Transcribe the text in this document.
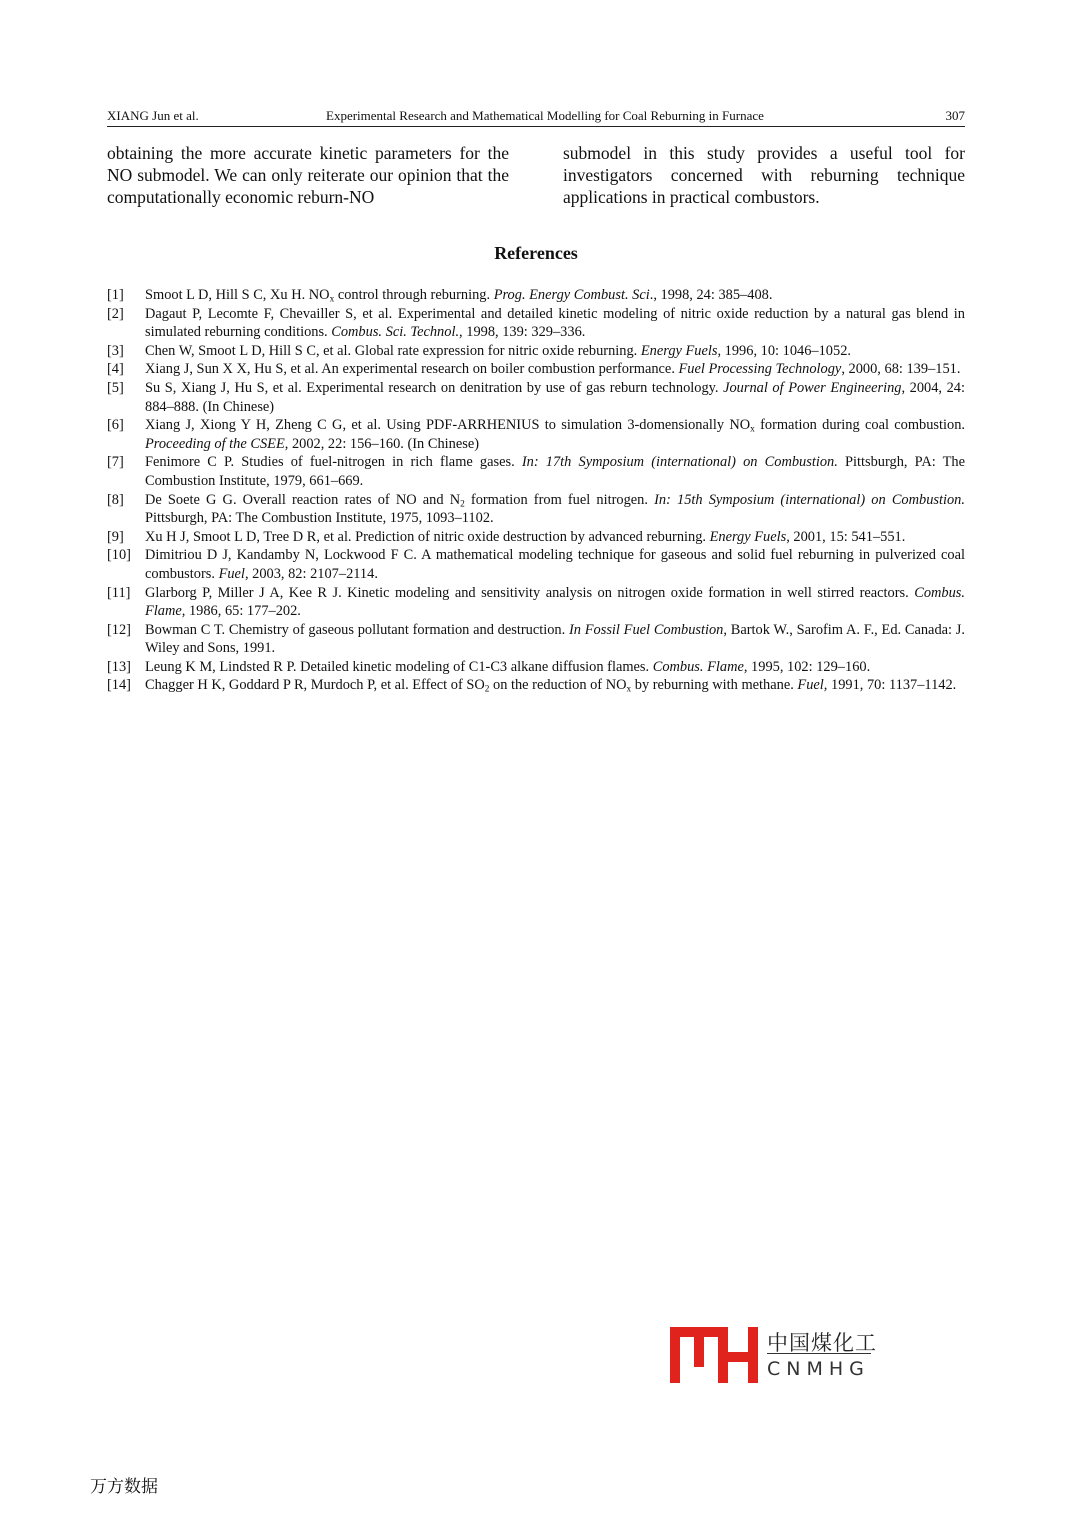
XIANG Jun et al.	Experimental Research and Mathematical Modelling for Coal Reburning in Furnace	307
obtaining the more accurate kinetic parameters for the NO submodel. We can only reiterate our opinion that the computationally economic reburn-NO
submodel in this study provides a useful tool for investigators concerned with reburning technique applications in practical combustors.
References
[1] Smoot L D, Hill S C, Xu H. $NO_x$ control through reburning. Prog. Energy Combust. Sci., 1998, 24: 385–408.
[2] Dagaut P, Lecomte F, Chevailler S, et al. Experimental and detailed kinetic modeling of nitric oxide reduction by a natural gas blend in simulated reburning conditions. Combus. Sci. Technol., 1998, 139: 329–336.
[3] Chen W, Smoot L D, Hill S C, et al. Global rate expression for nitric oxide reburning. Energy Fuels, 1996, 10: 1046–1052.
[4] Xiang J, Sun X X, Hu S, et al. An experimental research on boiler combustion performance. Fuel Processing Technology, 2000, 68: 139–151.
[5] Su S, Xiang J, Hu S, et al. Experimental research on denitration by use of gas reburn technology. Journal of Power Engineering, 2004, 24: 884–888. (In Chinese)
[6] Xiang J, Xiong Y H, Zheng C G, et al. Using PDF-ARRHENIUS to simulation 3-domensionally $NO_x$ formation during coal combustion. Proceeding of the CSEE, 2002, 22: 156–160. (In Chinese)
[7] Fenimore C P. Studies of fuel-nitrogen in rich flame gases. In: 17th Symposium (international) on Combustion. Pittsburgh, PA: The Combustion Institute, 1979, 661–669.
[8] De Soete G G. Overall reaction rates of NO and $N_2$ formation from fuel nitrogen. In: 15th Symposium (international) on Combustion. Pittsburgh, PA: The Combustion Institute, 1975, 1093–1102.
[9] Xu H J, Smoot L D, Tree D R, et al. Prediction of nitric oxide destruction by advanced reburning. Energy Fuels, 2001, 15: 541–551.
[10] Dimitriou D J, Kandamby N, Lockwood F C. A mathematical modeling technique for gaseous and solid fuel reburning in pulverized coal combustors. Fuel, 2003, 82: 2107–2114.
[11] Glarborg P, Miller J A, Kee R J. Kinetic modeling and sensitivity analysis on nitrogen oxide formation in well stirred reactors. Combus. Flame, 1986, 65: 177–202.
[12] Bowman C T. Chemistry of gaseous pollutant formation and destruction. In Fossil Fuel Combustion, Bartok W., Sarofim A. F., Ed. Canada: J. Wiley and Sons, 1991.
[13] Leung K M, Lindsted R P. Detailed kinetic modeling of C1-C3 alkane diffusion flames. Combus. Flame, 1995, 102: 129–160.
[14] Chagger H K, Goddard P R, Murdoch P, et al. Effect of $SO_2$ on the reduction of $NO_x$ by reburning with methane. Fuel, 1991, 70: 1137–1142.
中国煤化工
CNMHG
万方数据
